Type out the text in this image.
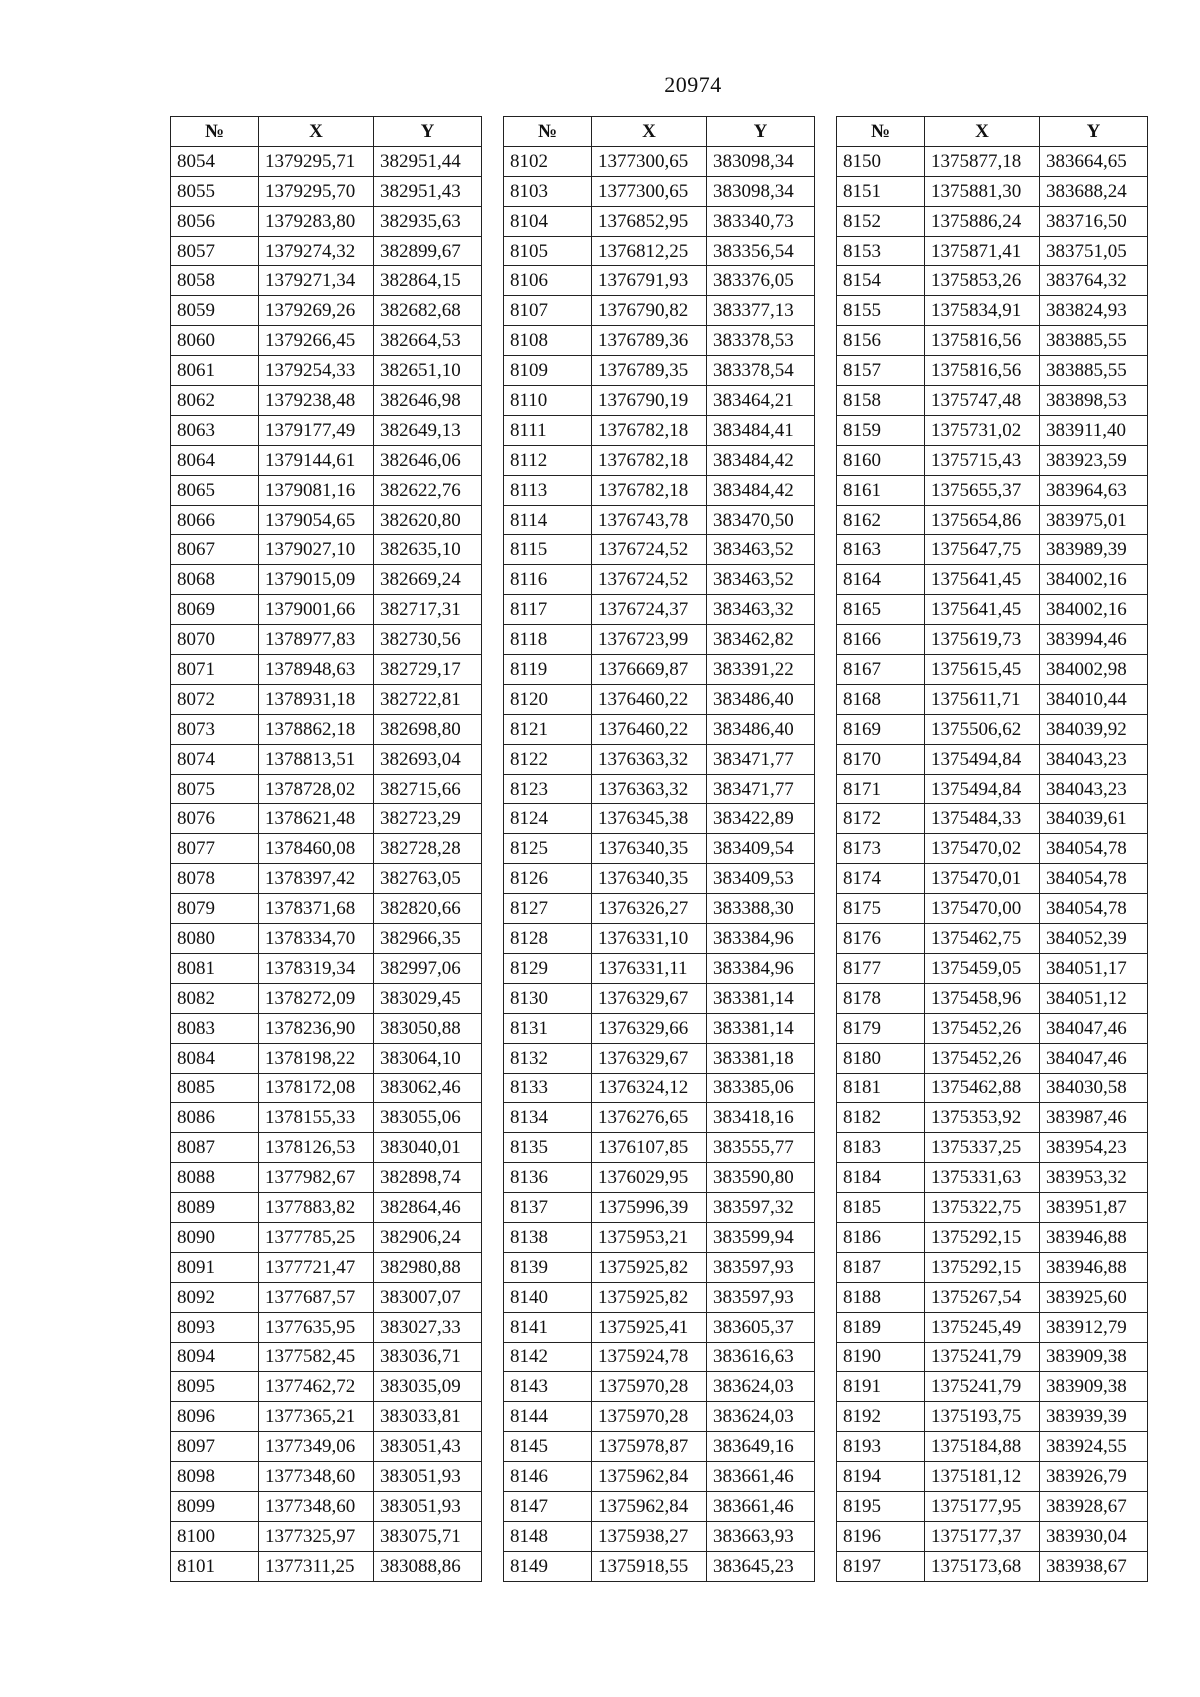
20974
№	X	Y
8054	1379295,71	382951,44
8055	1379295,70	382951,43
8056	1379283,80	382935,63
8057	1379274,32	382899,67
8058	1379271,34	382864,15
8059	1379269,26	382682,68
8060	1379266,45	382664,53
8061	1379254,33	382651,10
8062	1379238,48	382646,98
8063	1379177,49	382649,13
8064	1379144,61	382646,06
8065	1379081,16	382622,76
8066	1379054,65	382620,80
8067	1379027,10	382635,10
8068	1379015,09	382669,24
8069	1379001,66	382717,31
8070	1378977,83	382730,56
8071	1378948,63	382729,17
8072	1378931,18	382722,81
8073	1378862,18	382698,80
8074	1378813,51	382693,04
8075	1378728,02	382715,66
8076	1378621,48	382723,29
8077	1378460,08	382728,28
8078	1378397,42	382763,05
8079	1378371,68	382820,66
8080	1378334,70	382966,35
8081	1378319,34	382997,06
8082	1378272,09	383029,45
8083	1378236,90	383050,88
8084	1378198,22	383064,10
8085	1378172,08	383062,46
8086	1378155,33	383055,06
8087	1378126,53	383040,01
8088	1377982,67	382898,74
8089	1377883,82	382864,46
8090	1377785,25	382906,24
8091	1377721,47	382980,88
8092	1377687,57	383007,07
8093	1377635,95	383027,33
8094	1377582,45	383036,71
8095	1377462,72	383035,09
8096	1377365,21	383033,81
8097	1377349,06	383051,43
8098	1377348,60	383051,93
8099	1377348,60	383051,93
8100	1377325,97	383075,71
8101	1377311,25	383088,86
№	X	Y
8102	1377300,65	383098,34
8103	1377300,65	383098,34
8104	1376852,95	383340,73
8105	1376812,25	383356,54
8106	1376791,93	383376,05
8107	1376790,82	383377,13
8108	1376789,36	383378,53
8109	1376789,35	383378,54
8110	1376790,19	383464,21
8111	1376782,18	383484,41
8112	1376782,18	383484,42
8113	1376782,18	383484,42
8114	1376743,78	383470,50
8115	1376724,52	383463,52
8116	1376724,52	383463,52
8117	1376724,37	383463,32
8118	1376723,99	383462,82
8119	1376669,87	383391,22
8120	1376460,22	383486,40
8121	1376460,22	383486,40
8122	1376363,32	383471,77
8123	1376363,32	383471,77
8124	1376345,38	383422,89
8125	1376340,35	383409,54
8126	1376340,35	383409,53
8127	1376326,27	383388,30
8128	1376331,10	383384,96
8129	1376331,11	383384,96
8130	1376329,67	383381,14
8131	1376329,66	383381,14
8132	1376329,67	383381,18
8133	1376324,12	383385,06
8134	1376276,65	383418,16
8135	1376107,85	383555,77
8136	1376029,95	383590,80
8137	1375996,39	383597,32
8138	1375953,21	383599,94
8139	1375925,82	383597,93
8140	1375925,82	383597,93
8141	1375925,41	383605,37
8142	1375924,78	383616,63
8143	1375970,28	383624,03
8144	1375970,28	383624,03
8145	1375978,87	383649,16
8146	1375962,84	383661,46
8147	1375962,84	383661,46
8148	1375938,27	383663,93
8149	1375918,55	383645,23
№	X	Y
8150	1375877,18	383664,65
8151	1375881,30	383688,24
8152	1375886,24	383716,50
8153	1375871,41	383751,05
8154	1375853,26	383764,32
8155	1375834,91	383824,93
8156	1375816,56	383885,55
8157	1375816,56	383885,55
8158	1375747,48	383898,53
8159	1375731,02	383911,40
8160	1375715,43	383923,59
8161	1375655,37	383964,63
8162	1375654,86	383975,01
8163	1375647,75	383989,39
8164	1375641,45	384002,16
8165	1375641,45	384002,16
8166	1375619,73	383994,46
8167	1375615,45	384002,98
8168	1375611,71	384010,44
8169	1375506,62	384039,92
8170	1375494,84	384043,23
8171	1375494,84	384043,23
8172	1375484,33	384039,61
8173	1375470,02	384054,78
8174	1375470,01	384054,78
8175	1375470,00	384054,78
8176	1375462,75	384052,39
8177	1375459,05	384051,17
8178	1375458,96	384051,12
8179	1375452,26	384047,46
8180	1375452,26	384047,46
8181	1375462,88	384030,58
8182	1375353,92	383987,46
8183	1375337,25	383954,23
8184	1375331,63	383953,32
8185	1375322,75	383951,87
8186	1375292,15	383946,88
8187	1375292,15	383946,88
8188	1375267,54	383925,60
8189	1375245,49	383912,79
8190	1375241,79	383909,38
8191	1375241,79	383909,38
8192	1375193,75	383939,39
8193	1375184,88	383924,55
8194	1375181,12	383926,79
8195	1375177,95	383928,67
8196	1375177,37	383930,04
8197	1375173,68	383938,67
